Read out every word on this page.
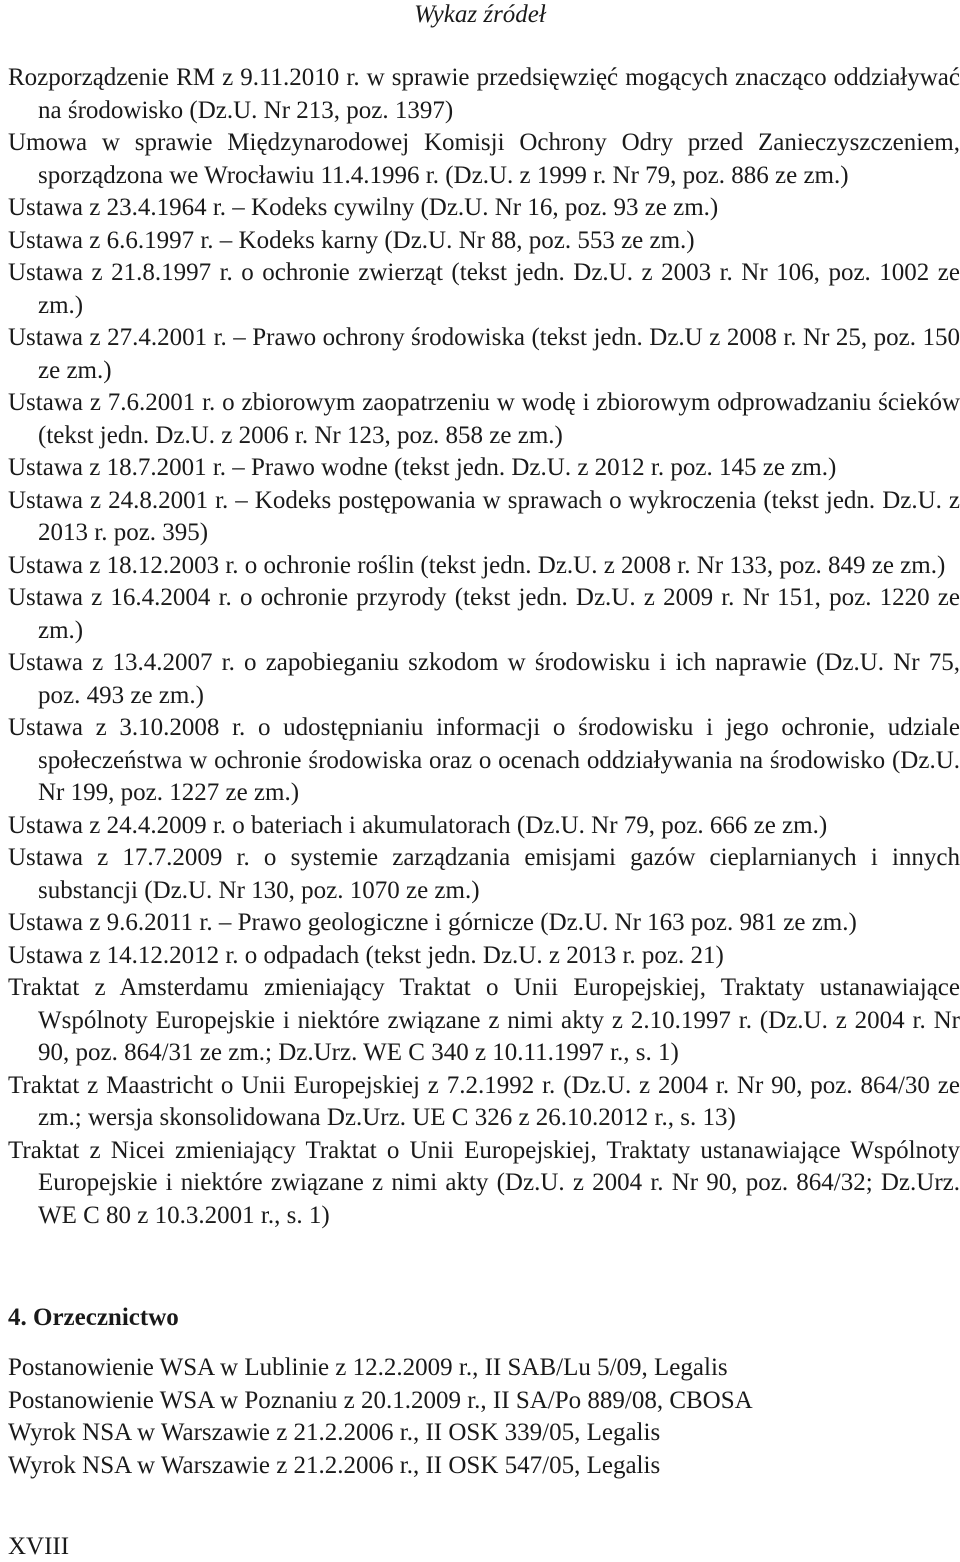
Wykaz źródeł

Rozporządzenie RM z 9.11.2010 r. w sprawie przedsięwzięć mogących znacząco oddziaływać na środowisko (Dz.U. Nr 213, poz. 1397)

Umowa w sprawie Międzynarodowej Komisji Ochrony Odry przed Zanieczyszczeniem, sporządzona we Wrocławiu 11.4.1996 r. (Dz.U. z 1999 r. Nr 79, poz. 886 ze zm.)

Ustawa z 23.4.1964 r. – Kodeks cywilny (Dz.U. Nr 16, poz. 93 ze zm.)

Ustawa z 6.6.1997 r. – Kodeks karny (Dz.U. Nr 88, poz. 553 ze zm.)

Ustawa z 21.8.1997 r. o ochronie zwierząt (tekst jedn. Dz.U. z 2003 r. Nr 106, poz. 1002 ze zm.)

Ustawa z 27.4.2001 r. – Prawo ochrony środowiska (tekst jedn. Dz.U z 2008 r. Nr 25, poz. 150 ze zm.)

Ustawa z 7.6.2001 r. o zbiorowym zaopatrzeniu w wodę i zbiorowym odprowadzaniu ścieków (tekst jedn. Dz.U. z 2006 r. Nr 123, poz. 858 ze zm.)

Ustawa z 18.7.2001 r. – Prawo wodne (tekst jedn. Dz.U. z 2012 r. poz. 145 ze zm.)

Ustawa z 24.8.2001 r. – Kodeks postępowania w sprawach o wykroczenia (tekst jedn. Dz.U. z 2013 r. poz. 395)

Ustawa z 18.12.2003 r. o ochronie roślin (tekst jedn. Dz.U. z 2008 r. Nr 133, poz. 849 ze zm.)

Ustawa z 16.4.2004 r. o ochronie przyrody (tekst jedn. Dz.U. z 2009 r. Nr 151, poz. 1220 ze zm.)

Ustawa z 13.4.2007 r. o zapobieganiu szkodom w środowisku i ich naprawie (Dz.U. Nr 75, poz. 493 ze zm.)

Ustawa z 3.10.2008 r. o udostępnianiu informacji o środowisku i jego ochronie, udziale społeczeństwa w ochronie środowiska oraz o ocenach oddziaływania na środowisko (Dz.U. Nr 199, poz. 1227 ze zm.)

Ustawa z 24.4.2009 r. o bateriach i akumulatorach (Dz.U. Nr 79, poz. 666 ze zm.)

Ustawa z 17.7.2009 r. o systemie zarządzania emisjami gazów cieplarnianych i innych substancji (Dz.U. Nr 130, poz. 1070 ze zm.)

Ustawa z 9.6.2011 r. – Prawo geologiczne i górnicze (Dz.U. Nr 163 poz. 981 ze zm.)

Ustawa z 14.12.2012 r. o odpadach (tekst jedn. Dz.U. z 2013 r. poz. 21)

Traktat z Amsterdamu zmieniający Traktat o Unii Europejskiej, Traktaty ustanawiające Wspólnoty Europejskie i niektóre związane z nimi akty z 2.10.1997 r. (Dz.U. z 2004 r. Nr 90, poz. 864/31 ze zm.; Dz.Urz. WE C 340 z 10.11.1997 r., s. 1)

Traktat z Maastricht o Unii Europejskiej z 7.2.1992 r. (Dz.U. z 2004 r. Nr 90, poz. 864/30 ze zm.; wersja skonsolidowana Dz.Urz. UE C 326 z 26.10.2012 r., s. 13)

Traktat z Nicei zmieniający Traktat o Unii Europejskiej, Traktaty ustanawiające Wspólnoty Europejskie i niektóre związane z nimi akty (Dz.U. z 2004 r. Nr 90, poz. 864/32; Dz.Urz. WE C 80 z 10.3.2001 r., s. 1)

4. Orzecznictwo

Postanowienie WSA w Lublinie z 12.2.2009 r., II SAB/Lu 5/09, Legalis

Postanowienie WSA w Poznaniu z 20.1.2009 r., II SA/Po 889/08, CBOSA

Wyrok NSA w Warszawie z 21.2.2006 r., II OSK 339/05, Legalis

Wyrok NSA w Warszawie z 21.2.2006 r., II OSK 547/05, Legalis

XVIII
